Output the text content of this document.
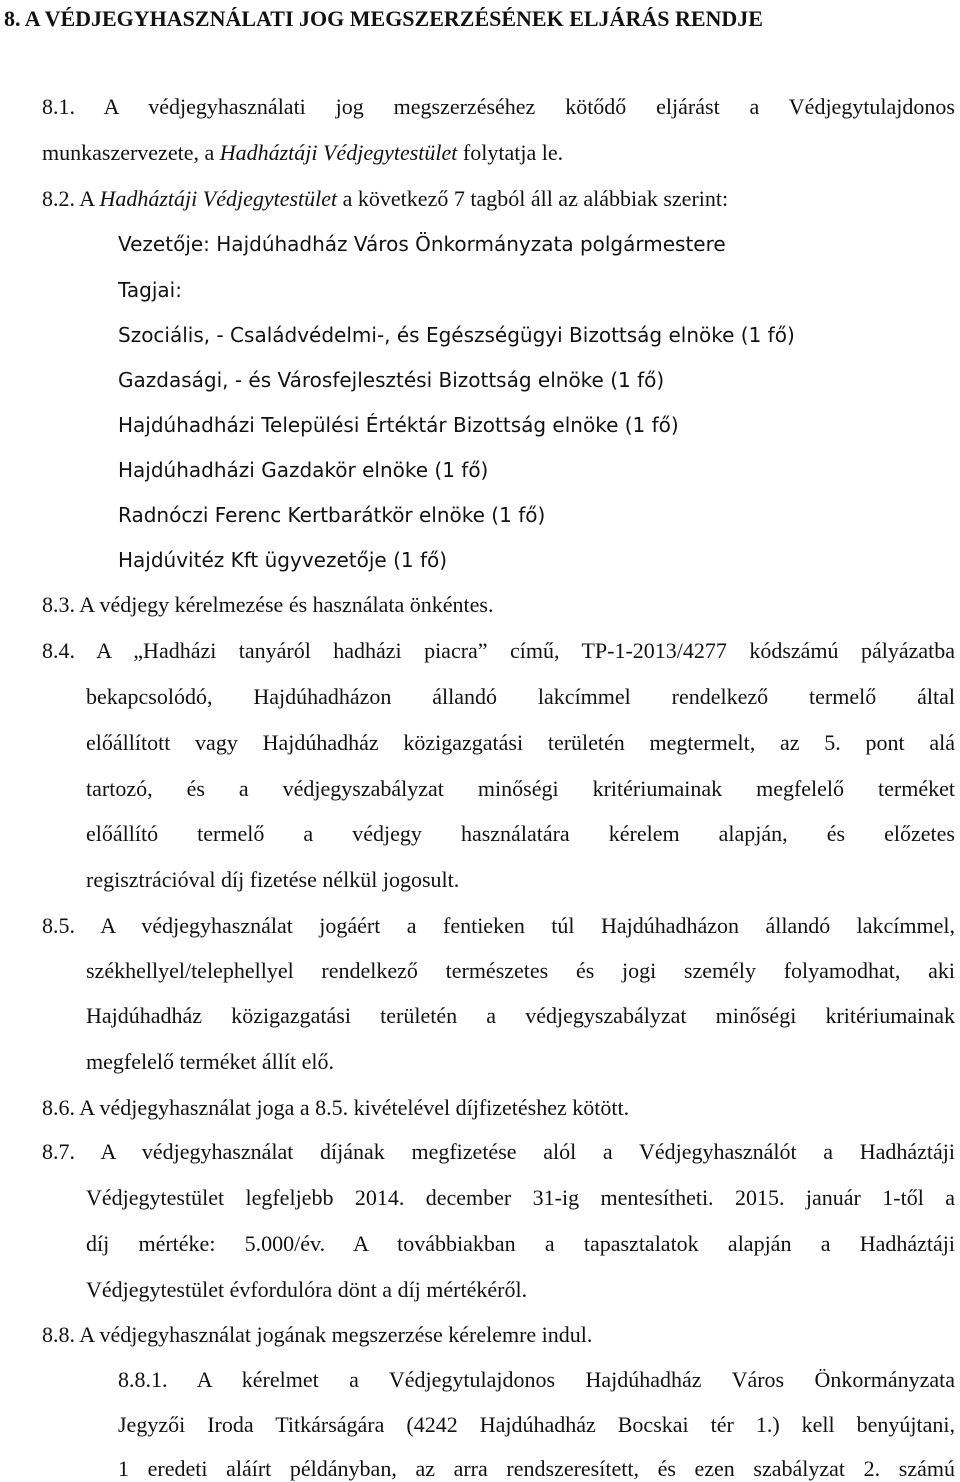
8. A VÉDJEGYHASZNÁLATI JOG MEGSZERZÉSÉNEK ELJÁRÁS RENDJE
8.1. A védjegyhasználati jog megszerzéséhez kötődő eljárást a Védjegytulajdonos
munkaszervezete, a Hadháztáji Védjegytestület folytatja le.
8.2. A Hadháztáji Védjegytestület a következő 7 tagból áll az alábbiak szerint:
Vezetője: Hajdúhadház Város Önkormányzata polgármestere
Tagjai:
Szociális, - Családvédelmi-, és Egészségügyi Bizottság elnöke (1 fő)
Gazdasági, - és Városfejlesztési Bizottság elnöke (1 fő)
Hajdúhadházi Települési Értéktár Bizottság elnöke (1 fő)
Hajdúhadházi Gazdakör elnöke (1 fő)
Radnóczi Ferenc Kertbarátkör elnöke (1 fő)
Hajdúvitéz Kft ügyvezetője (1 fő)
8.3. A védjegy kérelmezése és használata önkéntes.
8.4. A „Hadházi tanyáról hadházi piacra” című, TP-1-2013/4277 kódszámú pályázatba
bekapcsolódó, Hajdúhadházon állandó lakcímmel rendelkező termelő által
előállított vagy Hajdúhadház közigazgatási területén megtermelt, az 5. pont alá
tartozó, és a védjegyszabályzat minőségi kritériumainak megfelelő terméket
előállító termelő a védjegy használatára kérelem alapján, és előzetes
regisztrációval díj fizetése nélkül jogosult.
8.5. A védjegyhasználat jogáért a fentieken túl Hajdúhadházon állandó lakcímmel,
székhellyel/telephellyel rendelkező természetes és jogi személy folyamodhat, aki
Hajdúhadház közigazgatási területén a védjegyszabályzat minőségi kritériumainak
megfelelő terméket állít elő.
8.6. A védjegyhasználat joga a 8.5. kivételével díjfizetéshez kötött.
8.7. A védjegyhasználat díjának megfizetése alól a Védjegyhasználót a Hadháztáji
Védjegytestület legfeljebb 2014. december 31-ig mentesítheti. 2015. január 1-től a
díj mértéke: 5.000/év. A továbbiakban a tapasztalatok alapján a Hadháztáji
Védjegytestület évfordulóra dönt a díj mértékéről.
8.8. A védjegyhasználat jogának megszerzése kérelemre indul.
8.8.1. A kérelmet a Védjegytulajdonos Hajdúhadház Város Önkormányzata
Jegyzői Iroda Titkárságára (4242 Hajdúhadház Bocskai tér 1.) kell benyújtani,
1 eredeti aláírt példányban, az arra rendszeresített, és ezen szabályzat 2. számú
